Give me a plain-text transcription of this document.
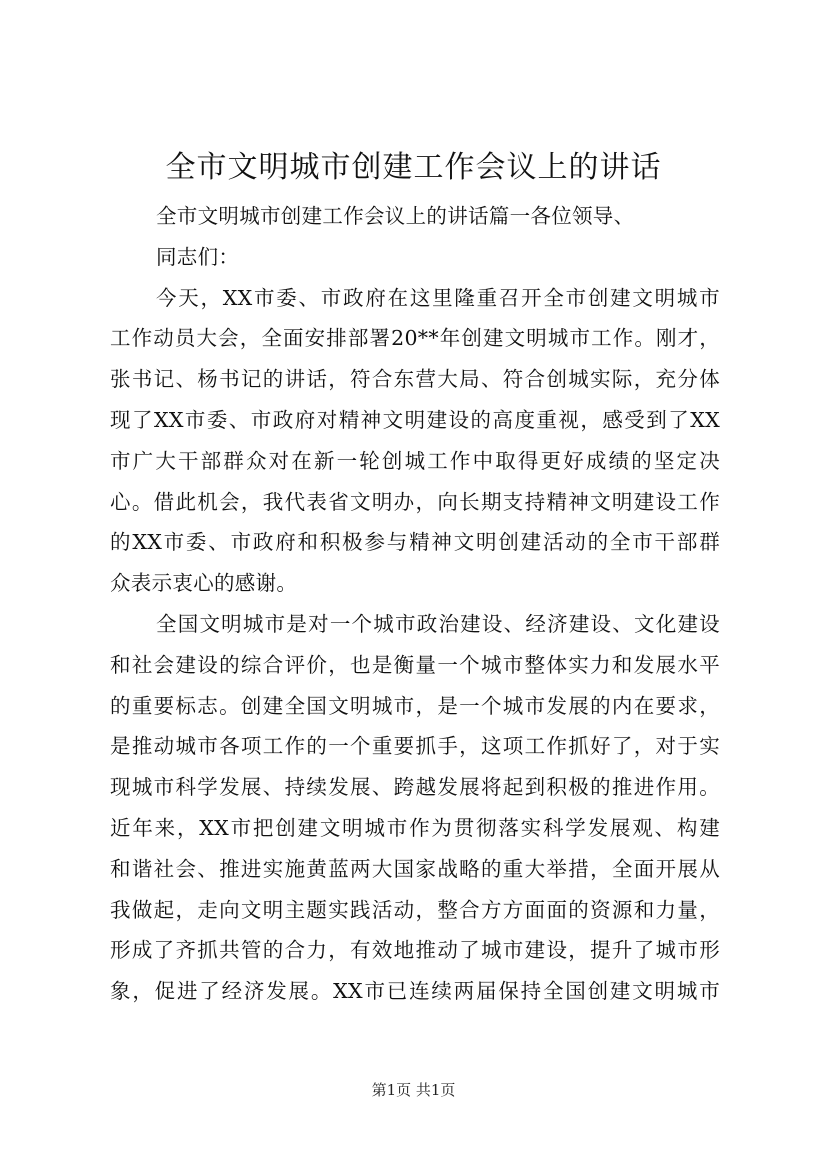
全市文明城市创建工作会议上的讲话
全市文明城市创建工作会议上的讲话篇一各位领导、
同志们：
今天，XX市委、市政府在这里隆重召开全市创建文明城市
工作动员大会，全面安排部署20**年创建文明城市工作。刚才，
张书记、杨书记的讲话，符合东营大局、符合创城实际，充分体
现了XX市委、市政府对精神文明建设的高度重视，感受到了XX
市广大干部群众对在新一轮创城工作中取得更好成绩的坚定决
心。借此机会，我代表省文明办，向长期支持精神文明建设工作
的XX市委、市政府和积极参与精神文明创建活动的全市干部群
众表示衷心的感谢。
全国文明城市是对一个城市政治建设、经济建设、文化建设
和社会建设的综合评价，也是衡量一个城市整体实力和发展水平
的重要标志。创建全国文明城市，是一个城市发展的内在要求，
是推动城市各项工作的一个重要抓手，这项工作抓好了，对于实
现城市科学发展、持续发展、跨越发展将起到积极的推进作用。
近年来，XX市把创建文明城市作为贯彻落实科学发展观、构建
和谐社会、推进实施黄蓝两大国家战略的重大举措，全面开展从
我做起，走向文明主题实践活动，整合方方面面的资源和力量，
形成了齐抓共管的合力，有效地推动了城市建设，提升了城市形
象，促进了经济发展。XX市已连续两届保持全国创建文明城市
第1页 共1页
